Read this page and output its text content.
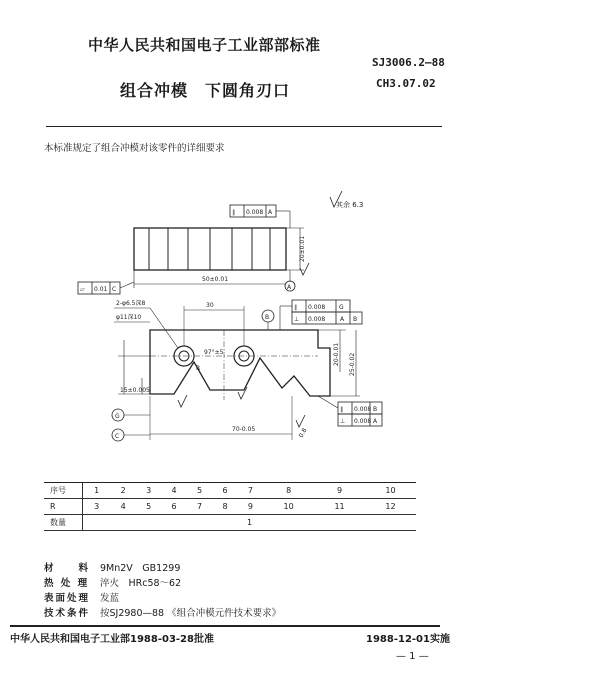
中华人民共和国电子工业部部标准
组合冲模　下圆角刃口
SJ3006.2—88
CH3.07.02
本标准规定了组合冲模对该零件的详细要求
其余 6.3
∥ 0.008 A
20±0.01
50±0.01
A
▱ 0.01 C
2-φ6.5深8
φ11深10
30	∥ 0.008 G
⊥ 0.008 A B
B
97°±5′
R
20-0.01 25-0.02
15±0.005
G
C
70-0.05
∥ 0.008 B
⊥ 0.008 A
0.8
序号	1	2	3	4	5	6	7	8	9	10
R	3	4	5	6	7	8	9	10	11	12
数量	1									
材　　料 9Mn2V　GB1299
热 处 理 淬火　HRc58～62
表面处理 发蓝
技术条件 按SJ2980—88 《组合冲模元件技术要求》
中华人民共和国电子工业部1988-03-28批准	1988-12-01实施
— 1 —
